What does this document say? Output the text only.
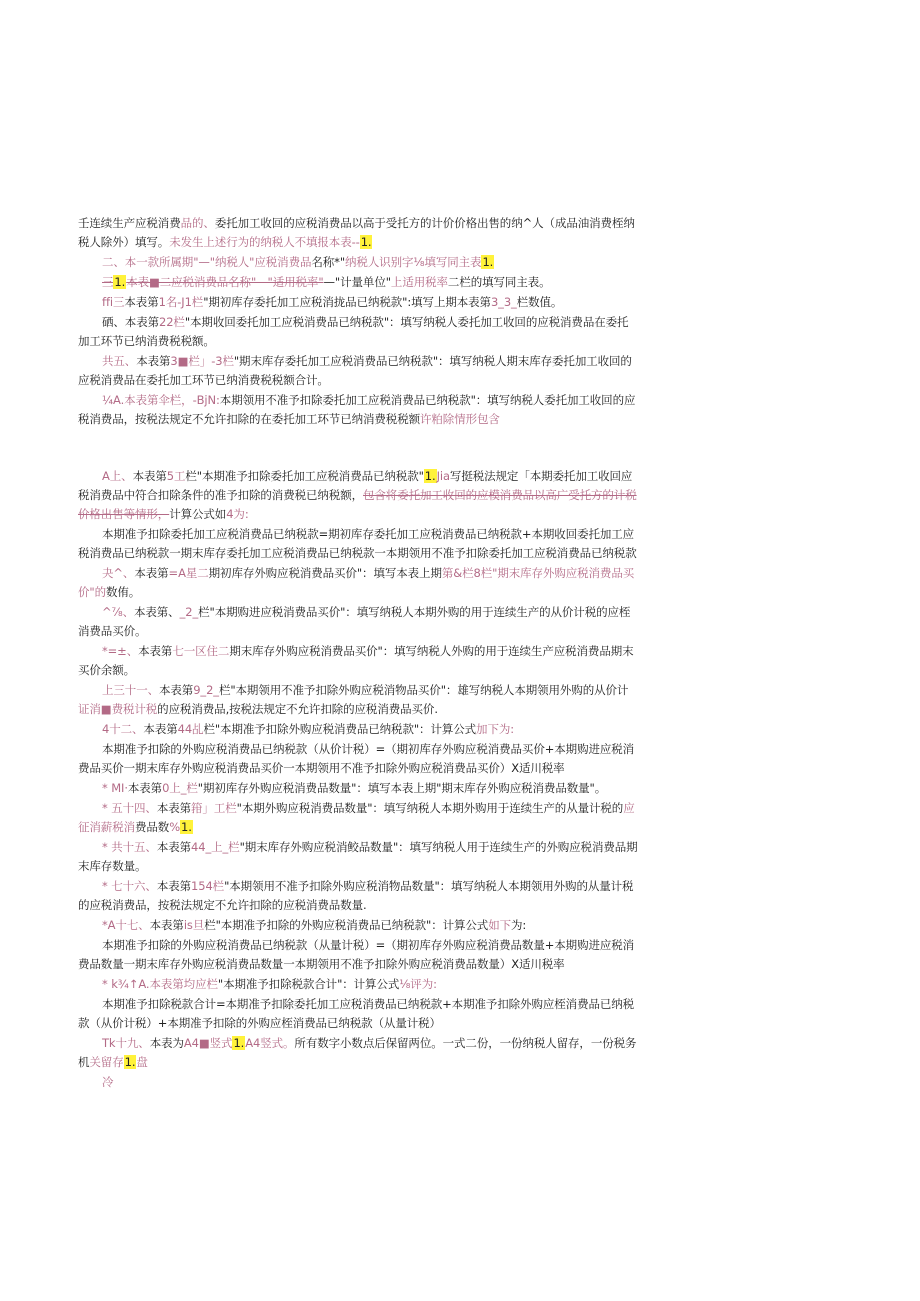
壬连续生产应税消费品的、委托加工收回的应税消费品以高于受托方的计价价格出售的纳^人（成品油消费桎纳税人除外）填写。未发生上述行为的纳税人不填报本表--1.

二、本一款所属期"—"纳税人"应税消费品名称*"纳税人识别字⅛填写同主表1.

三1.本表■二应税消费品名称"—"适用税率"—"计量单位"上适用税率二栏的填写同主表。

ffi三本表第1名-J1栏"期初库存委托加工应税消拢品已纳税款":填写上期本表第3_3_栏数值。

硒、本表第22栏"本期收回委托加工应税消费品已纳税款"：填写纳税人委托加工收回的应税消费品在委托加工环节已纳消费税税额。

共五、本表第3■栏」-3栏"期末库存委托加工应税消费品已纳税款"：填写纳税人期末库存委托加工收回的应税消费品在委托加工环节已纳消费税税额合计。

¼A.本表第伞栏，-BjN:本期领用不准予扣除委托加工应税消费品已纳税款"：填写纳税人委托加工收回的应税消费品，按税法规定不允许扣除的在委托加工环节已纳消费税税额许粕除情形包含

A上、本表第5工栏"本期准予扣除委托加工应税消费品已纳税款"1.Jia写挺税法规定「本期委托加工收回应税消费品中符合扣除条件的准予扣除的消费税已纳税额，包含将委托加工收回的应模消费品以高广受托方的计税价格出售等情形，计算公式如4为:

本期准予扣除委托加工应税消费品已纳税款=期初库存委托加工应税消费品已纳税款+本期收回委托加工应税消费品已纳税款一期末库存委托加工应税消费品已纳税款一本期领用不准予扣除委托加工应税消费品已纳税款

夬^、本表第=A星二期初库存外购应税消费品买价"：填写本表上期第&栏8栏"期末库存外购应税消费品买价"的数侑。

^⅞、本表第、_2_栏"本期购进应税消费品买价"：填写纳税人本期外购的用于连续生产的从价计税的应桎消费品买价。

*=±、本表第七一区住二期末库存外购应税消费品买价"：填写纳税人外购的用于连续生产应税消费品期末买价余额。

上三十一、本表第9_2_栏"本期领用不准予扣除外购应税消物品买价"：雄写纳税人本期领用外购的从价计证消■费税计税的应税消费品,按税法规定不允许扣除的应税消费品买价.

4十二、本表第44乩栏"本期准予扣除外购应税消费品已纳税款"：计算公式加下为:

本期准予扣除的外购应税消费品已纳税款（从价计税）=（期初库存外购应税消费品买价+本期购进应税消费品买价一期末库存外购应税消费品买价一本期领用不准予扣除外购应税消费品买价）X适川税率

* MI·本表第0上_栏"期初库存外购应税消费品数量"：填写本表上期"期末库存外购应税消费品数量"。

* 五十四、本表第箝」工栏"本期外购应税消费品数量"：填写纳税人本期外购用于连续生产的从量计税的应征消薪税消费品数%1.

* 共十五、本表第44_上_栏"期末库存外购应税消鲛品数量"：填写纳税人用于连续生产的外购应税消费品期末库存数量。

* 七十六、本表第154栏"本期领用不准予扣除外购应税消物品数量"：填写纳税人本期领用外购的从量计税的应税消费品，按税法规定不允许扣除的应税消费品数量.

*A十七、本表第is旦栏"本期准予扣除的外购应税消费品已纳税款"：计算公式如下为:

本期准予扣除的外购应税消费品已纳税款（从量计税）=（期初库存外购应税消费品数量+本期购进应税消费品数量一期末库存外购应税消费品数量一本期领用不准予扣除外购应税消费品数量）X适川税率

* k¾↑A.本表第均应栏"本期准予扣除税款合计"：计算公式⅛评为:

本期准予扣除税款合计=本期准予扣除委托加工应税消费品已纳税款+本期准予扣除外购应桎消费品已纳税款（从价计税）+本期准予扣除的外购应桎消费品已纳税款（从量计税）

Tk十九、本表为A4■竖式1.A4竖式。所有数字小数点后保留两位。一式二份，一份纳税人留存，一份税务机关留存1.盘

冷
